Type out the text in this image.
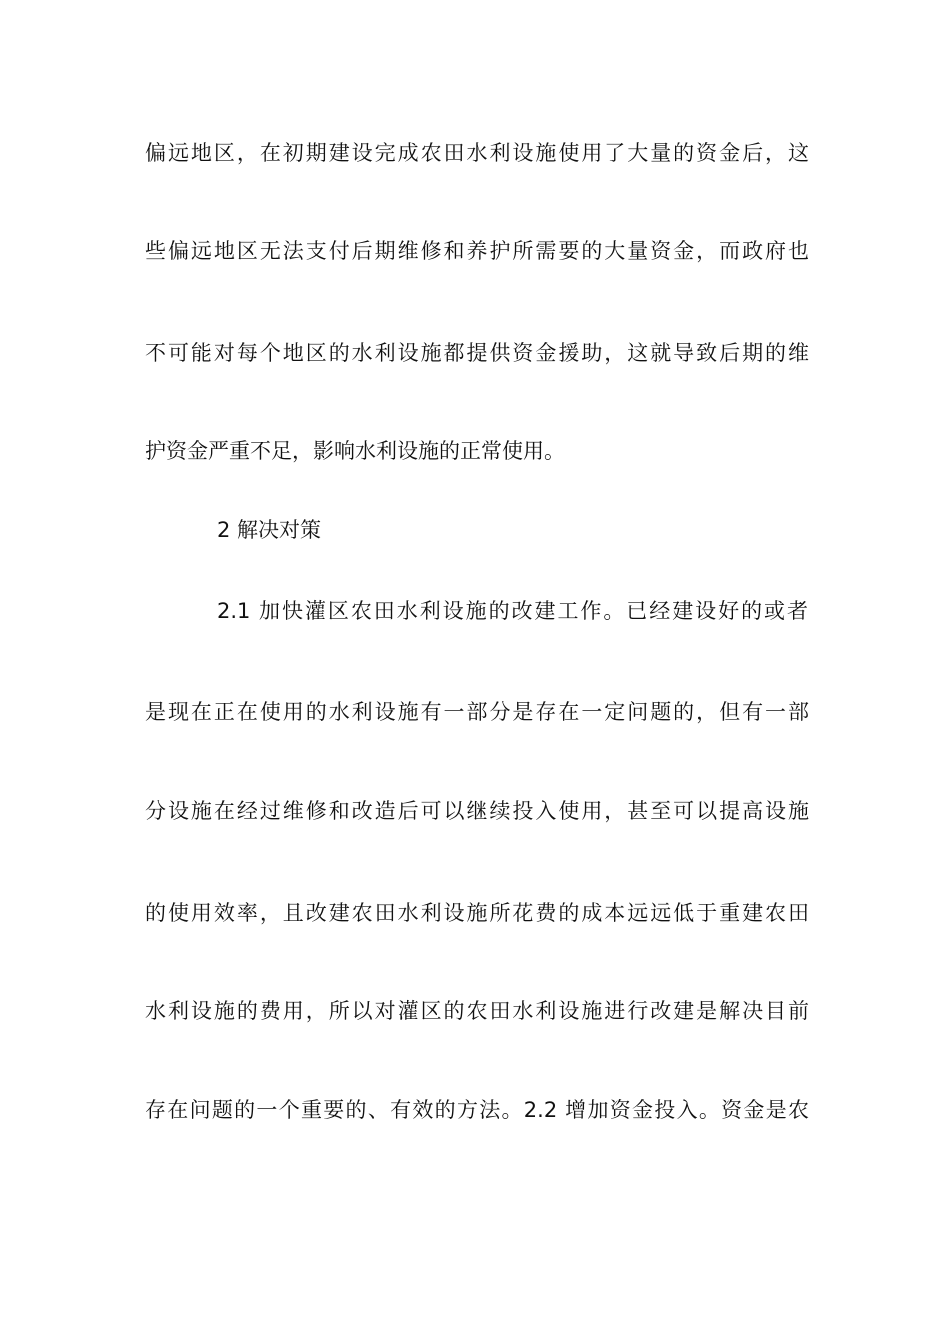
偏远地区，在初期建设完成农田水利设施使用了大量的资金后，这
些偏远地区无法支付后期维修和养护所需要的大量资金，而政府也
不可能对每个地区的水利设施都提供资金援助，这就导致后期的维
护资金严重不足，影响水利设施的正常使用。
2 解决对策
2.1 加快灌区农田水利设施的改建工作。已经建设好的或者
是现在正在使用的水利设施有一部分是存在一定问题的，但有一部
分设施在经过维修和改造后可以继续投入使用，甚至可以提高设施
的使用效率，且改建农田水利设施所花费的成本远远低于重建农田
水利设施的费用，所以对灌区的农田水利设施进行改建是解决目前
存在问题的一个重要的、有效的方法。2.2 增加资金投入。资金是农
